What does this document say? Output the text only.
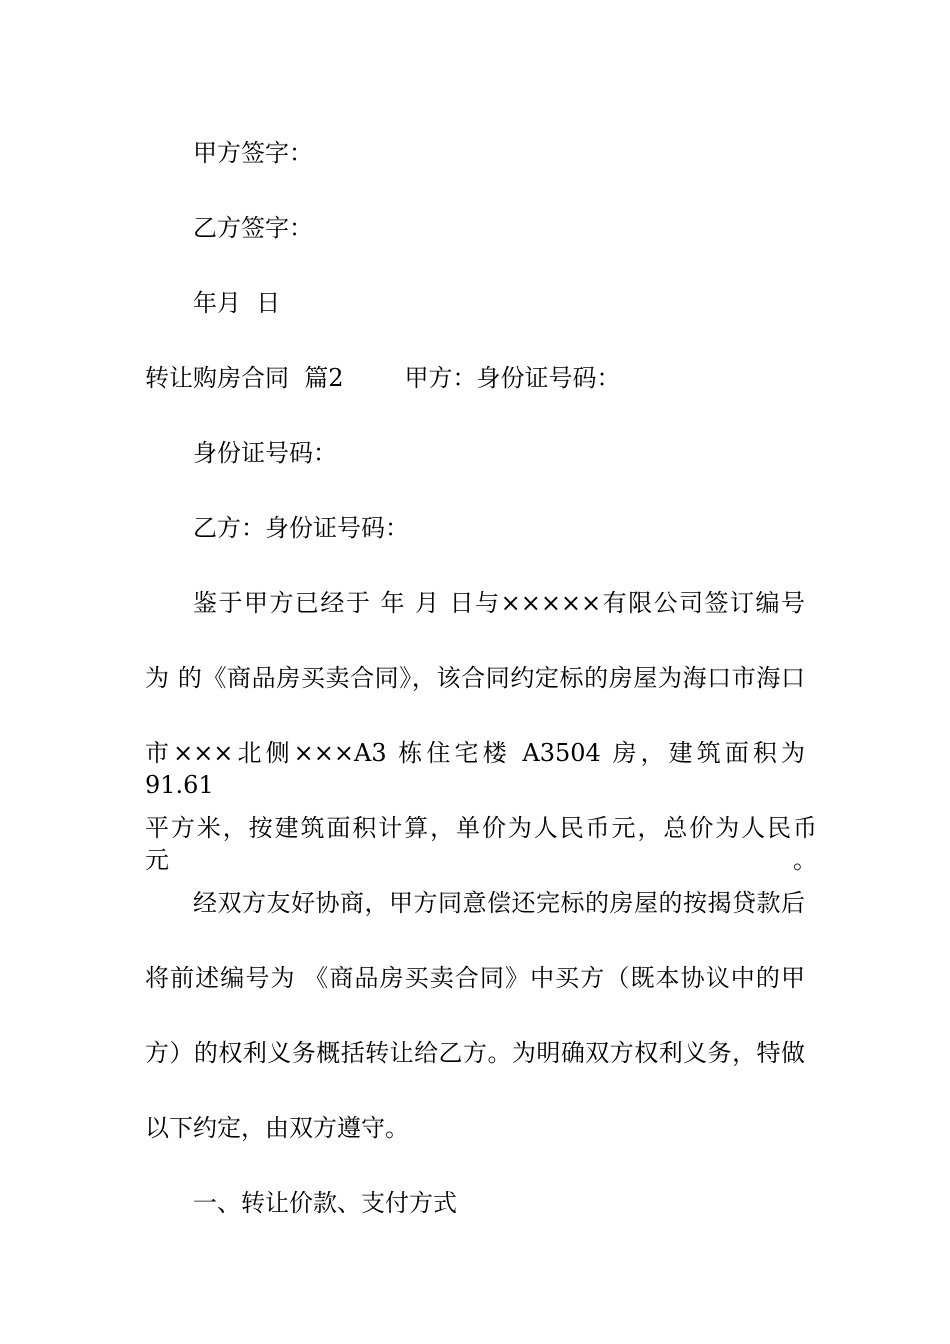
甲方签字：
乙方签字：
年月  日
转让购房合同  篇2        甲方：身份证号码：
身份证号码：
乙方：身份证号码：
鉴于甲方已经于 年 月 日与×××××有限公司签订编号
为 的《商品房买卖合同》，该合同约定标的房屋为海口市海口
市×××北侧×××A3 栋住宅楼 A3504 房，建筑面积为 91.61
平方米，按建筑面积计算，单价为人民币元，总价为人民币 元。
经双方友好协商，甲方同意偿还完标的房屋的按揭贷款后
将前述编号为 《商品房买卖合同》中买方（既本协议中的甲
方）的权利义务概括转让给乙方。为明确双方权利义务，特做
以下约定，由双方遵守。
一、转让价款、支付方式
